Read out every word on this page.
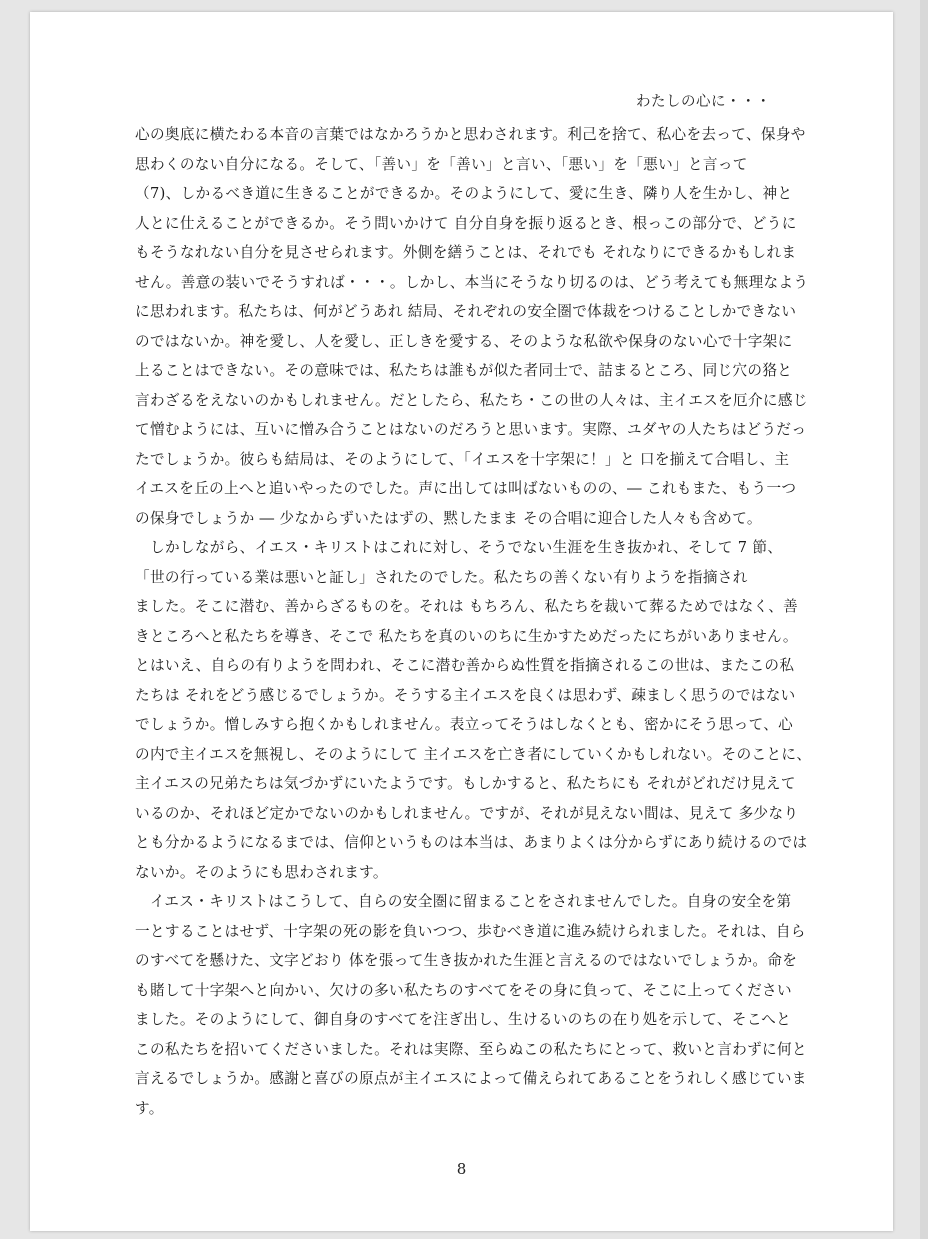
わたしの心に・・・
心の奥底に横たわる本音の言葉ではなかろうかと思わされます。利己を捨て、私心を去って、保身や
思わくのない自分になる。そして、「善い」を「善い」と言い、「悪い」を「悪い」と言って
（7)、しかるべき道に生きることができるか。そのようにして、愛に生き、隣り人を生かし、神と
人とに仕えることができるか。そう問いかけて 自分自身を振り返るとき、根っこの部分で、どうに
もそうなれない自分を見させられます。外側を繕うことは、それでも それなりにできるかもしれま
せん。善意の装いでそうすれば・・・。しかし、本当にそうなり切るのは、どう考えても無理なよう
に思われます。私たちは、何がどうあれ 結局、それぞれの安全圏で体裁をつけることしかできない
のではないか。神を愛し、人を愛し、正しきを愛する、そのような私欲や保身のない心で十字架に
上ることはできない。その意味では、私たちは誰もが似た者同士で、詰まるところ、同じ穴の狢と
言わざるをえないのかもしれません。だとしたら、私たち・この世の人々は、主イエスを厄介に感じ
て憎むようには、互いに憎み合うことはないのだろうと思います。実際、ユダヤの人たちはどうだっ
たでしょうか。彼らも結局は、そのようにして、「イエスを十字架に！」と 口を揃えて合唱し、主
イエスを丘の上へと追いやったのでした。声に出しては叫ばないものの、― これもまた、もう一つ
の保身でしょうか ― 少なからずいたはずの、黙したまま その合唱に迎合した人々も含めて。
しかしながら、イエス・キリストはこれに対し、そうでない生涯を生き抜かれ、そして 7 節、
「世の行っている業は悪いと証し」されたのでした。私たちの善くない有りようを指摘され
ました。そこに潜む、善からざるものを。それは もちろん、私たちを裁いて葬るためではなく、善
きところへと私たちを導き、そこで 私たちを真のいのちに生かすためだったにちがいありません。
とはいえ、自らの有りようを問われ、そこに潜む善からぬ性質を指摘されるこの世は、またこの私
たちは それをどう感じるでしょうか。そうする主イエスを良くは思わず、疎ましく思うのではない
でしょうか。憎しみすら抱くかもしれません。表立ってそうはしなくとも、密かにそう思って、心
の内で主イエスを無視し、そのようにして 主イエスを亡き者にしていくかもしれない。そのことに、
主イエスの兄弟たちは気づかずにいたようです。もしかすると、私たちにも それがどれだけ見えて
いるのか、それほど定かでないのかもしれません。ですが、それが見えない間は、見えて 多少なり
とも分かるようになるまでは、信仰というものは本当は、あまりよくは分からずにあり続けるのでは
ないか。そのようにも思わされます。
イエス・キリストはこうして、自らの安全圏に留まることをされませんでした。自身の安全を第
一とすることはせず、十字架の死の影を負いつつ、歩むべき道に進み続けられました。それは、自ら
のすべてを懸けた、文字どおり 体を張って生き抜かれた生涯と言えるのではないでしょうか。命を
も賭して十字架へと向かい、欠けの多い私たちのすべてをその身に負って、そこに上ってください
ました。そのようにして、御自身のすべてを注ぎ出し、生けるいのちの在り処を示して、そこへと
この私たちを招いてくださいました。それは実際、至らぬこの私たちにとって、救いと言わずに何と
言えるでしょうか。感謝と喜びの原点が主イエスによって備えられてあることをうれしく感じていま
す。
8
